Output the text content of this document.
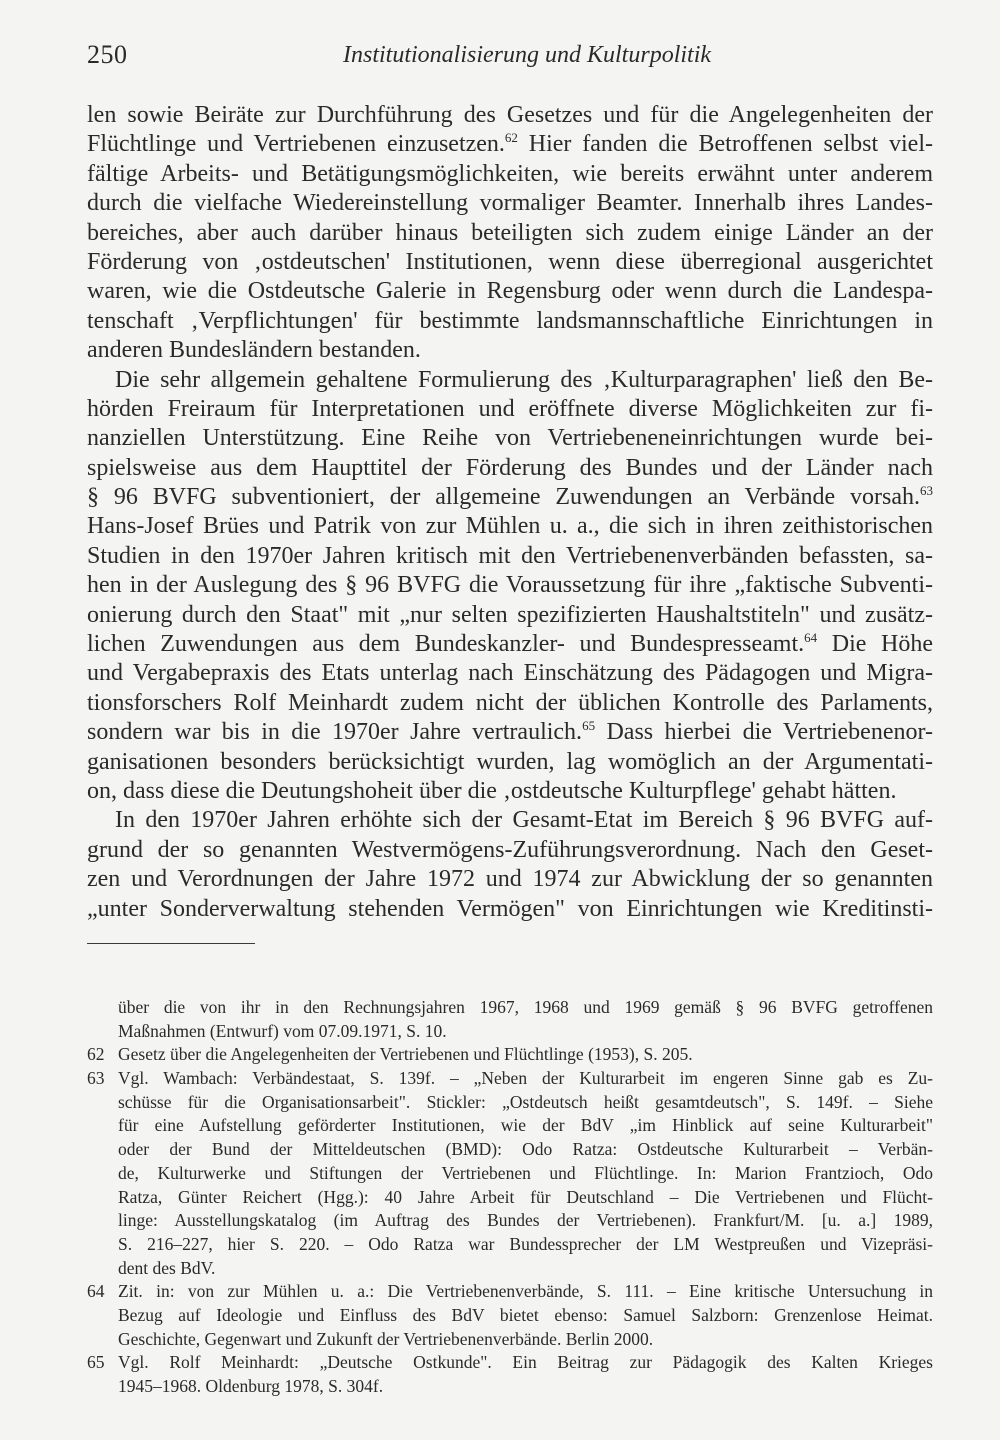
250	Institutionalisierung und Kulturpolitik
len sowie Beiräte zur Durchführung des Gesetzes und für die Angelegenheiten der
Flüchtlinge und Vertriebenen einzusetzen.$^{62}$ Hier fanden die Betroffenen selbst viel-
fältige Arbeits- und Betätigungsmöglichkeiten, wie bereits erwähnt unter anderem
durch die vielfache Wiedereinstellung vormaliger Beamter. Innerhalb ihres Landes-
bereiches, aber auch darüber hinaus beteiligten sich zudem einige Länder an der
Förderung von ‚ostdeutschen' Institutionen, wenn diese überregional ausgerichtet
waren, wie die Ostdeutsche Galerie in Regensburg oder wenn durch die Landespa-
tenschaft ‚Verpflichtungen' für bestimmte landsmannschaftliche Einrichtungen in
anderen Bundesländern bestanden.
Die sehr allgemein gehaltene Formulierung des ‚Kulturparagraphen' ließ den Be-
hörden Freiraum für Interpretationen und eröffnete diverse Möglichkeiten zur fi-
nanziellen Unterstützung. Eine Reihe von Vertriebeneneinrichtungen wurde bei-
spielsweise aus dem Haupttitel der Förderung des Bundes und der Länder nach
§ 96 BVFG subventioniert, der allgemeine Zuwendungen an Verbände vorsah.$^{63}$
Hans-Josef Brües und Patrik von zur Mühlen u. a., die sich in ihren zeithistorischen
Studien in den 1970er Jahren kritisch mit den Vertriebenenverbänden befassten, sa-
hen in der Auslegung des § 96 BVFG die Voraussetzung für ihre „faktische Subventi-
onierung durch den Staat" mit „nur selten spezifizierten Haushaltstiteln" und zusätz-
lichen Zuwendungen aus dem Bundeskanzler- und Bundespresseamt.$^{64}$ Die Höhe
und Vergabepraxis des Etats unterlag nach Einschätzung des Pädagogen und Migra-
tionsforschers Rolf Meinhardt zudem nicht der üblichen Kontrolle des Parlaments,
sondern war bis in die 1970er Jahre vertraulich.$^{65}$ Dass hierbei die Vertriebenenor-
ganisationen besonders berücksichtigt wurden, lag womöglich an der Argumentati-
on, dass diese die Deutungshoheit über die ‚ostdeutsche Kulturpflege' gehabt hätten.
In den 1970er Jahren erhöhte sich der Gesamt-Etat im Bereich § 96 BVFG auf-
grund der so genannten Westvermögens-Zuführungsverordnung. Nach den Geset-
zen und Verordnungen der Jahre 1972 und 1974 zur Abwicklung der so genannten
„unter Sonderverwaltung stehenden Vermögen" von Einrichtungen wie Kreditinsti-
über die von ihr in den Rechnungsjahren 1967, 1968 und 1969 gemäß § 96 BVFG getroffenen
Maßnahmen (Entwurf) vom 07.09.1971, S. 10.
62 Gesetz über die Angelegenheiten der Vertriebenen und Flüchtlinge (1953), S. 205.
63 Vgl. Wambach: Verbändestaat, S. 139f. – „Neben der Kulturarbeit im engeren Sinne gab es Zu-
schüsse für die Organisationsarbeit". Stickler: „Ostdeutsch heißt gesamtdeutsch", S. 149f. – Siehe
für eine Aufstellung geförderter Institutionen, wie der BdV „im Hinblick auf seine Kulturarbeit"
oder der Bund der Mitteldeutschen (BMD): Odo Ratza: Ostdeutsche Kulturarbeit – Verbän-
de, Kulturwerke und Stiftungen der Vertriebenen und Flüchtlinge. In: Marion Frantzioch, Odo
Ratza, Günter Reichert (Hgg.): 40 Jahre Arbeit für Deutschland – Die Vertriebenen und Flücht-
linge: Ausstellungskatalog (im Auftrag des Bundes der Vertriebenen). Frankfurt/M. [u. a.] 1989,
S. 216–227, hier S. 220. – Odo Ratza war Bundessprecher der LM Westpreußen und Vizepräsi-
dent des BdV.
64 Zit. in: von zur Mühlen u. a.: Die Vertriebenenverbände, S. 111. – Eine kritische Untersuchung in
Bezug auf Ideologie und Einfluss des BdV bietet ebenso: Samuel Salzborn: Grenzenlose Heimat.
Geschichte, Gegenwart und Zukunft der Vertriebenenverbände. Berlin 2000.
65 Vgl. Rolf Meinhardt: „Deutsche Ostkunde". Ein Beitrag zur Pädagogik des Kalten Krieges
1945–1968. Oldenburg 1978, S. 304f.
